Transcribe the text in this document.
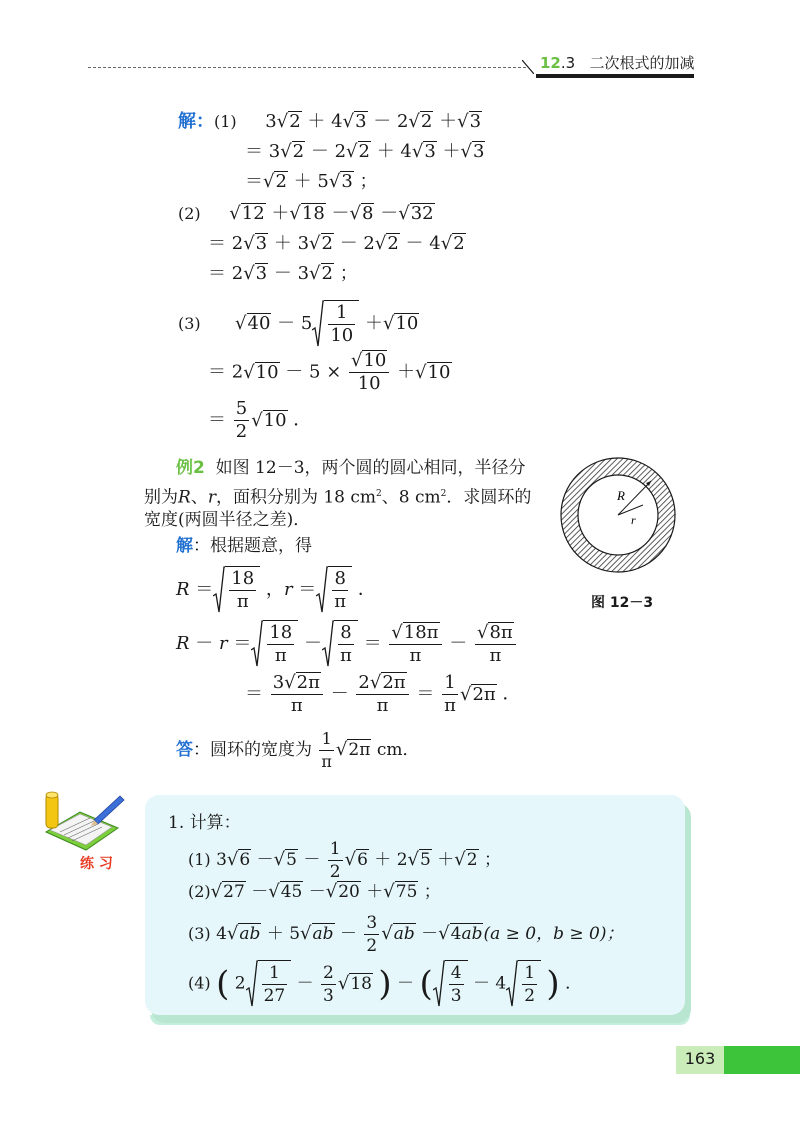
12.3 二次根式的加减
解：(1)     3√2 ＋ 4√3 － 2√2 ＋√3
＝ 3√2 － 2√2 ＋ 4√3 ＋√3
＝√2 ＋ 5√3 ；
(2) √12 ＋√18 －√8 －√32
＝ 2√3 ＋ 3√2 － 2√2 － 4√2
＝ 2√3 － 3√2 ；
(3) $√40 - 5 \frac{1}{10} +√10$
＝ $2√10 - 5 \times \frac{√10}{10} +√10$
＝ $\frac{5}{2} √10$ ．
例2 如图 12－3，两个圆的圆心相同，半径分
别为R、r，面积分别为 18 $cm^2$、8 $cm^2$．求圆环的
宽度(两圆半径之差)．
解：根据题意，得
R
r
图 12－3
$R = \frac{18}{\pi}$ ，$r = \frac{8}{\pi}$ ．
$R - r = \frac{18}{\pi} - \frac{8}{\pi} = \frac{√18\pi}{\pi} - \frac{√8\pi}{\pi}$
＝ $\frac{3√2\pi}{\pi} - \frac{2√2\pi}{\pi} = \frac{1}{\pi} √2\pi$ ．
答：圆环的宽度为 $\frac{1}{\pi} √2\pi$ cm．
练 习
1. 计算：
(1) $3√6 -√5 - \frac{1}{2} √6 + 2√5 +√2$ ；
(2)√27 －√45 －√20 ＋√75 ；
(3) $4√ab + 5√ab - \frac{3}{2} √ab -√4ab(a \ge 0$，b ≥ 0)；
(4) ( $2 \frac{1}{27} - \frac{2}{3} √18$ ) － ( $\frac{4}{3} - 4 \frac{1}{2}$ ) ．
163
